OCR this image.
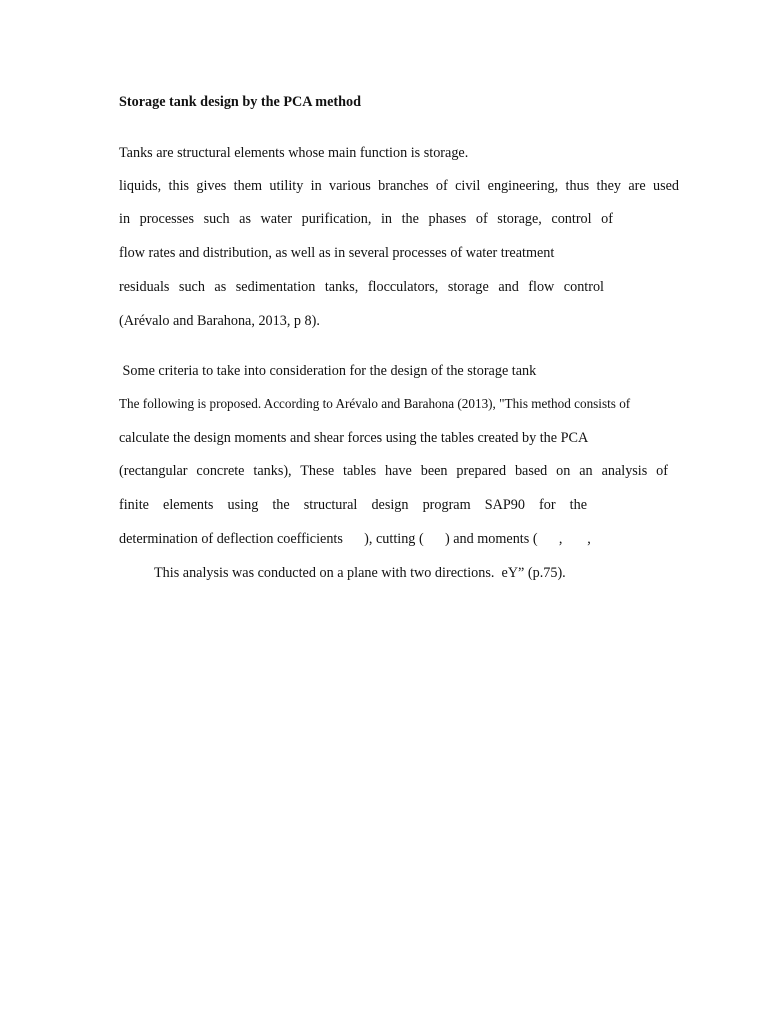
Storage tank design by the PCA method

Tanks are structural elements whose main function is storage.

liquids, this gives them utility in various branches of civil engineering, thus they are used

in processes such as water purification, in the phases of storage, control of

flow rates and distribution, as well as in several processes of water treatment

residuals such as sedimentation tanks, flocculators, storage and flow control

(Arévalo and Barahona, 2013, p 8).

Some criteria to take into consideration for the design of the storage tank

The following is proposed. According to Arévalo and Barahona (2013), "This method consists of

calculate the design moments and shear forces using the tables created by the PCA

(rectangular concrete tanks), These tables have been prepared based on an analysis of

finite elements using the structural design program SAP90 for the

determination of deflection coefficients      ), cutting (      ) and moments (      ,       ,

This analysis was conducted on a plane with two directions.  eY” (p.75).
